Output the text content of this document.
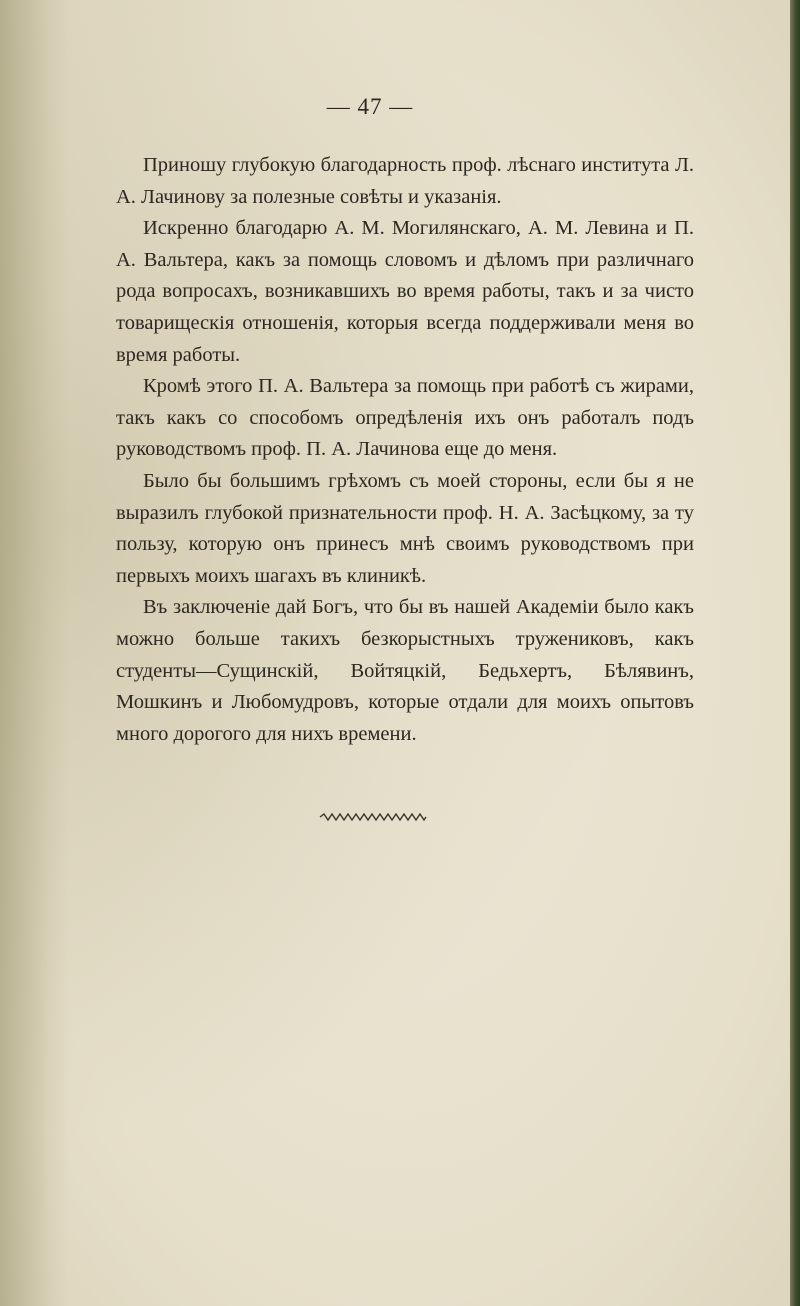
— 47 —

Приношу глубокую благодарность проф. лѣснаго института Л. А. Лачинову за полезные совѣты и указанія.

Искренно благодарю А. М. Могилянскаго, А. М. Левина и П. А. Вальтера, какъ за помощь словомъ и дѣломъ при различнаго рода вопросахъ, возникавшихъ во время работы, такъ и за чисто товарищескія отношенія, которыя всегда поддерживали меня во время работы.

Кромѣ этого П. А. Вальтера за помощь при работѣ съ жирами, такъ какъ со способомъ опредѣленія ихъ онъ работалъ подъ руководствомъ проф. П. А. Лачинова еще до меня.

Было бы большимъ грѣхомъ съ моей стороны, если бы я не выразилъ глубокой признательности проф. Н. А. Засѣцкому, за ту пользу, которую онъ принесъ мнѣ своимъ руководствомъ при первыхъ моихъ шагахъ въ клиникѣ.

Въ заключеніе дай Богъ, что бы въ нашей Академіи было какъ можно больше такихъ безкорыстныхъ тружениковъ, какъ студенты—Сущинскій, Войтяцкій, Бедьхертъ, Бѣлявинъ, Мошкинъ и Любомудровъ, которые отдали для моихъ опытовъ много дорогого для нихъ времени.
